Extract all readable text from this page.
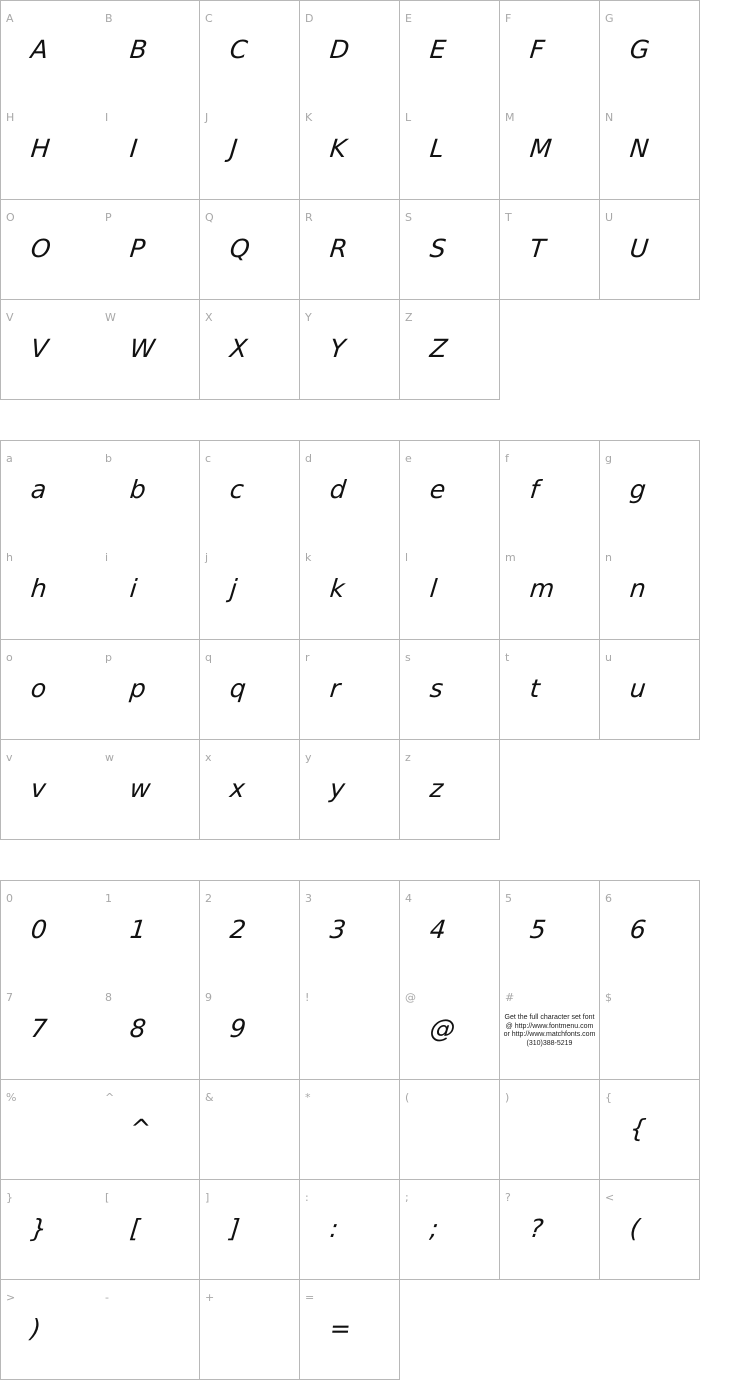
A
A
B
B
C
C
D
D
E
E
F
F
G
G
H
H
I
I
J
J
K
K
L
L
M
M
N
N
O
O
P
P
Q
Q
R
R
S
S
T
T
U
U
V
V
W
W
X
X
Y
Y
Z
Z
a
a
b
b
c
c
d
d
e
e
f
f
g
g
h
h
i
i
j
j
k
k
l
l
m
m
n
n
o
o
p
p
q
q
r
r
s
s
t
t
u
u
v
v
w
w
x
x
y
y
z
z
0
0
1
1
2
2
3
3
4
4
5
5
6
6
7
7
8
8
9
9
!	@
@
#
Get the full character set font
@ http://www.fontmenu.com
or http://www.matchfonts.com
(310)388-5219
$
%	^
^
&	*	(	)	{
{
}
}
[
[
]
]
:
:
;
;
?
?
<
(
>
)
-	+	=
=
